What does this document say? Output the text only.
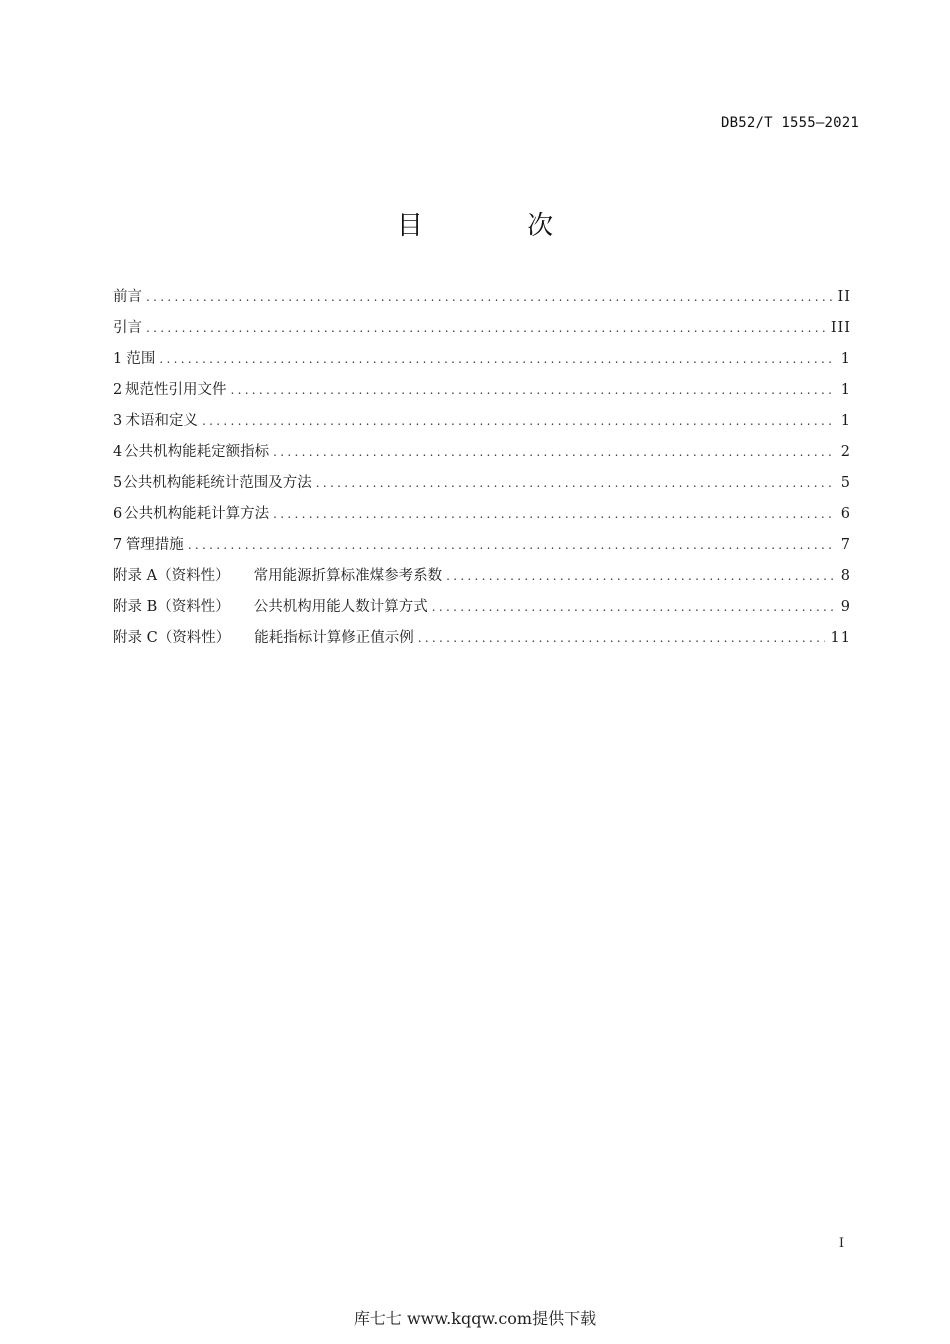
DB52/T 1555—2021
目 次
前言 .....	II
引言 .....	III
1 范围 .....	1
2 规范性引用文件 .....	1
3 术语和定义 .....	1
4 公共机构能耗定额指标 .....	2
5 公共机构能耗统计范围及方法 .....	5
6 公共机构能耗计算方法 .....	6
7 管理措施 .....	7
附录 A（资料性） 常用能源折算标准煤参考系数 .....	8
附录 B（资料性） 公共机构用能人数计算方式 .....	9
附录 C（资料性） 能耗指标计算修正值示例 .....	11
I
库七七 www.kqqw.com提供下载
